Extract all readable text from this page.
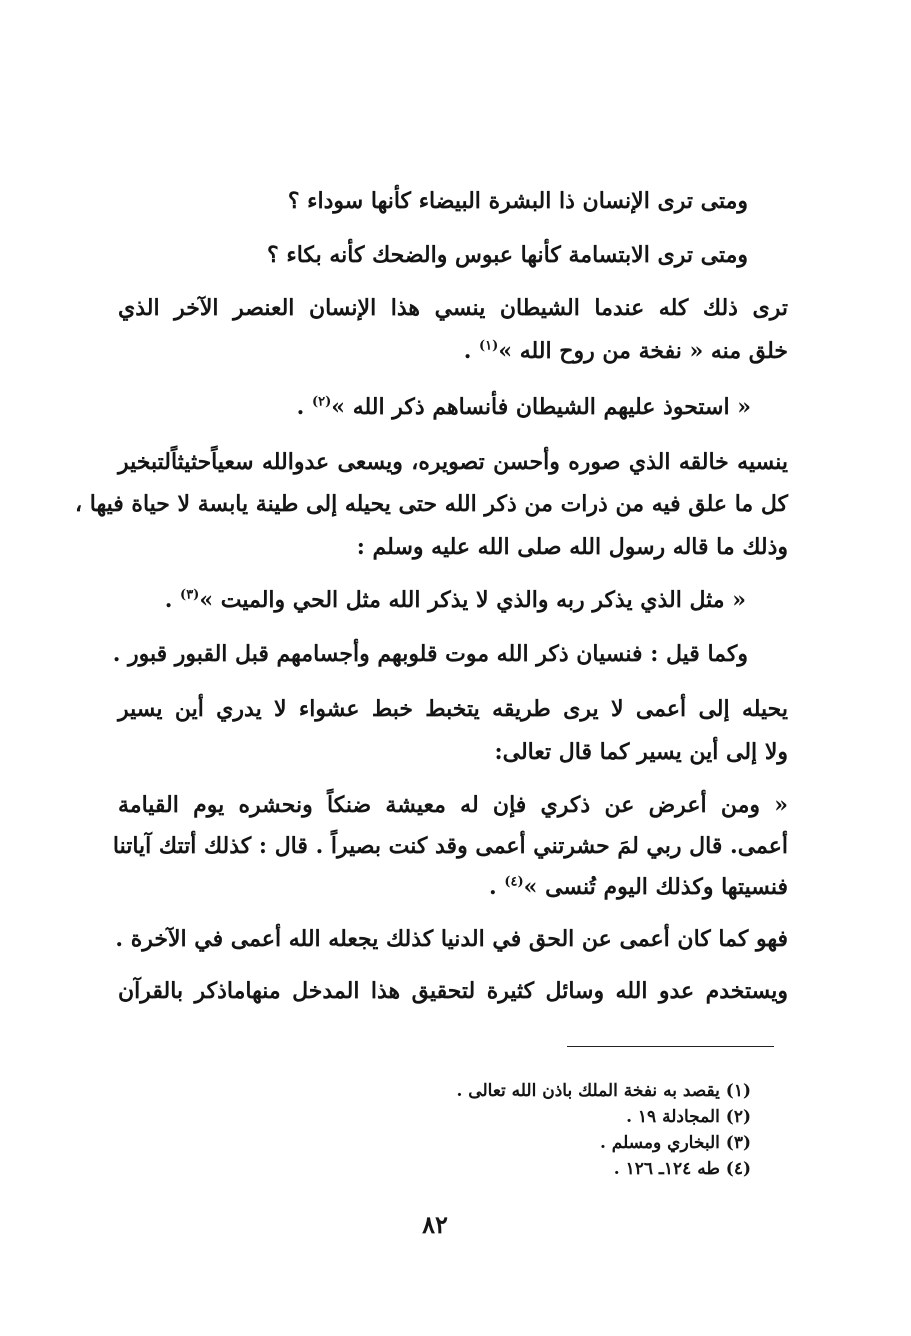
ومتى ترى الإنسان ذا البشرة البيضاء كأنها سوداء ؟

ومتى ترى الابتسامة كأنها عبوس والضحك كأنه بكاء ؟

ترى ذلك كله عندما الشيطان ينسي هذا الإنسان العنصر الآخر الذي

خلق منه « نفخة من روح الله »$^{(١)}$ .

« استحوذ عليهم الشيطان فأنساهم ذكر الله »$^{(٢)}$ .

ينسيه خالقه الذي صوره وأحسن تصويره، ويسعى عدوالله سعياًحثيثاًلتبخير

كل ما علق فيه من ذرات من ذكر الله حتى يحيله إلى طينة يابسة لا حياة فيها ،

وذلك ما قاله رسول الله صلى الله عليه وسلم :

« مثل الذي يذكر ربه والذي لا يذكر الله مثل الحي والميت »$^{(٣)}$ .

وكما قيل : فنسيان ذكر الله موت قلوبهم وأجسامهم قبل القبور قبور .

يحيله إلى أعمى لا يرى طريقه يتخبط خبط عشواء لا يدري أين يسير

ولا إلى أين يسير كما قال تعالى:

« ومن أعرض عن ذكري فإن له معيشة ضنكاً ونحشره يوم القيامة

أعمى. قال ربي لمَ حشرتني أعمى وقد كنت بصيراً . قال : كذلك أتتك آياتنا

فنسيتها وكذلك اليوم تُنسى »$^{(٤)}$ .

فهو كما كان أعمى عن الحق في الدنيا كذلك يجعله الله أعمى في الآخرة .

ويستخدم عدو الله وسائل كثيرة لتحقيق هذا المدخل منهاماذكر بالقرآن

(١) يقصد به نفخة الملك باذن الله تعالى .
(٢) المجادلة ١٩ .
(٣) البخاري ومسلم .
(٤) طه ١٢٤ـ ١٢٦ .
٨٢
